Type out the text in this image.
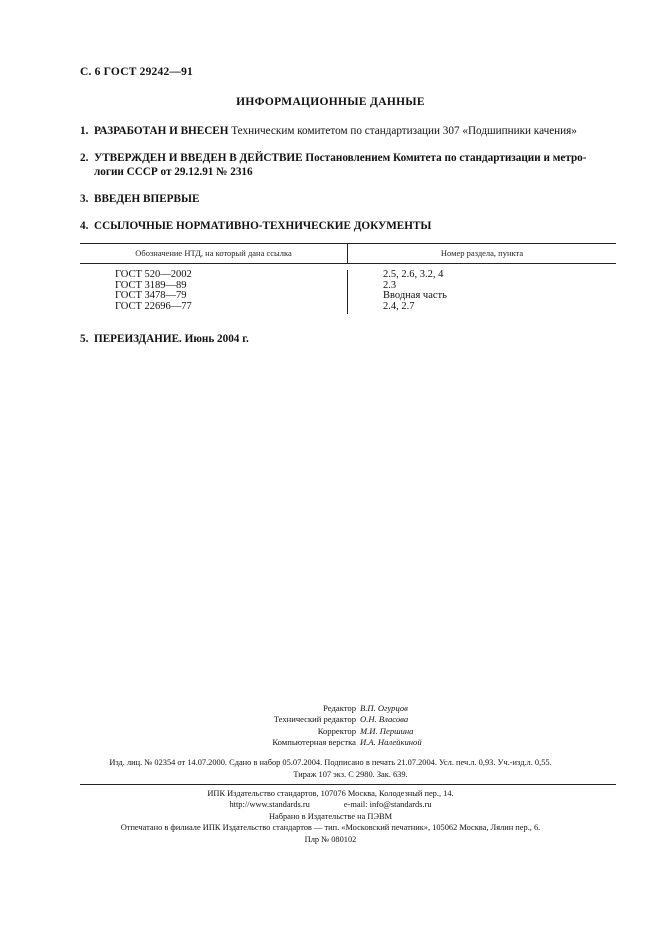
С. 6 ГОСТ 29242—91
ИНФОРМАЦИОННЫЕ ДАННЫЕ
1. РАЗРАБОТАН И ВНЕСЕН Техническим комитетом по стандартизации 307 «Подшипники качения»
2. УТВЕРЖДЕН И ВВЕДЕН В ДЕЙСТВИЕ Постановлением Комитета по стандартизации и метро-
логии СССР от 29.12.91 № 2316
3. ВВЕДЕН ВПЕРВЫЕ
4. ССЫЛОЧНЫЕ НОРМАТИВНО-ТЕХНИЧЕСКИЕ ДОКУМЕНТЫ
Обозначение НТД, на который дана ссылка	Номер раздела, пункта
ГОСТ 520—2002
ГОСТ 3189—89
ГОСТ 3478—79
ГОСТ 22696—77
2.5, 2.6, 3.2, 4
2.3
Вводная часть
2.4, 2.7
5. ПЕРЕИЗДАНИЕ. Июнь 2004 г.
Редактор В.П. Огурцов
Технический редактор О.Н. Власова
Корректор М.И. Першина
Компьютерная верстка И.А. Налейкиной
Изд. лиц. № 02354 от 14.07.2000. Сдано в набор 05.07.2004. Подписано в печать 21.07.2004. Усл. печ.л. 0,93. Уч.-изд.л. 0,55.
Тираж 107 экз. С 2980. Зак. 639.
ИПК Издательство стандартов, 107076 Москва, Колодезный пер., 14.
http://www.standards.ru	e-mail: info@standards.ru
Набрано в Издательстве на ПЭВМ
Отпечатано в филиале ИПК Издательство стандартов — тип. «Московский печатник», 105062 Москва, Лялин пер., 6.
Плр № 080102
